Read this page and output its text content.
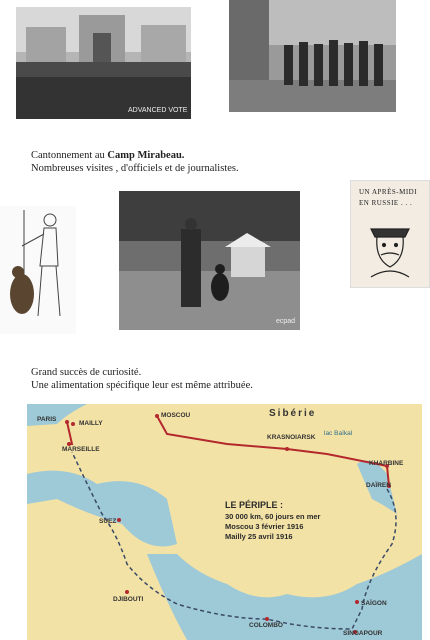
ADVANCED VOTE
Cantonnement au Camp Mirabeau.
Nombreuses visites , d'officiels et de journalistes.
ecpad
UN APRÈS-MIDI
EN RUSSIE . . .
Grand succès de curiosité.
Une alimentation spécifique leur est même attribuée.
Sibérie
PARIS
MAILLY
MARSEILLE
MOSCOU
KRASNOIARSK
lac Baïkal
KHARBINE
DAÏREN
SUEZ
DJIBOUTI
COLOMBO
SAÏGON
SINGAPOUR
LE PÉRIPLE :
30 000 km, 60 jours en mer
Moscou 3 février 1916
Mailly 25 avril 1916
